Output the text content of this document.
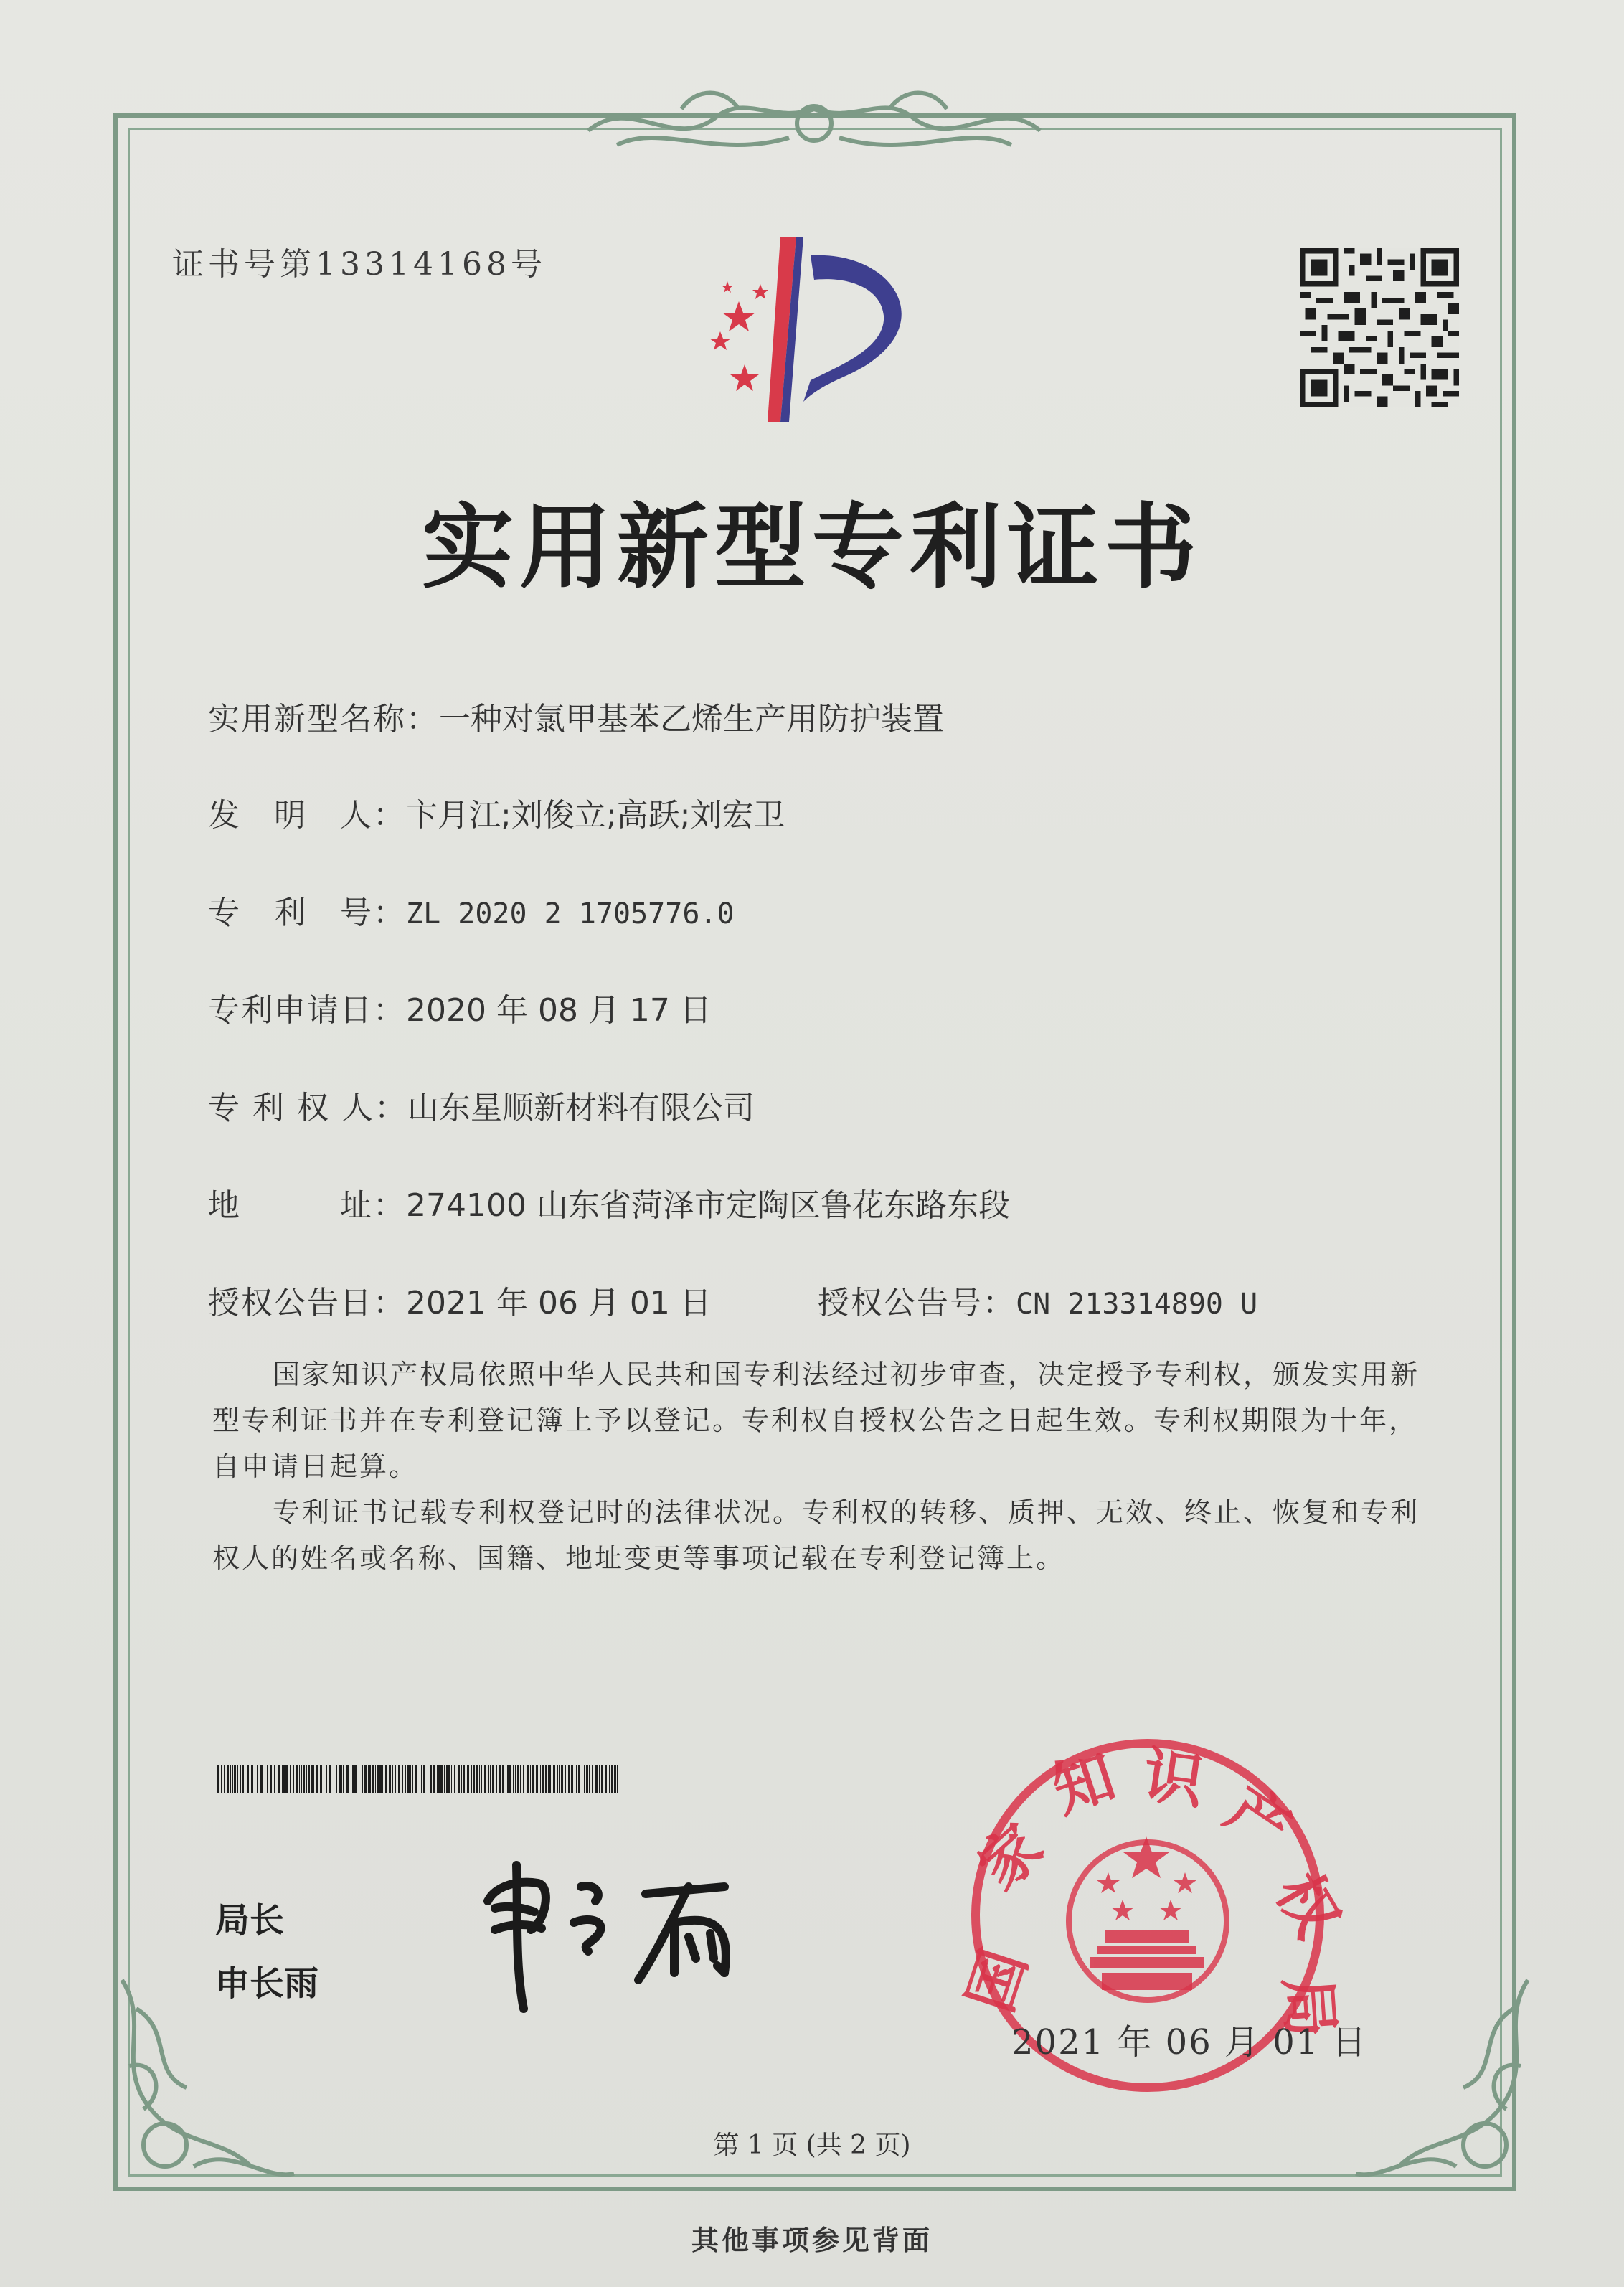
证书号第13314168号
实用新型专利证书
实用新型名称：一种对氯甲基苯乙烯生产用防护装置
发　明　人：卞月江;刘俊立;高跃;刘宏卫
专　利　号：ZL 2020 2 1705776.0
专利申请日：2020 年 08 月 17 日
专 利 权 人：山东星顺新材料有限公司
地　　　址：274100 山东省菏泽市定陶区鲁花东路东段
授权公告日：2021 年 06 月 01 日	授权公告号：CN 213314890 U
国家知识产权局依照中华人民共和国专利法经过初步审查，决定授予专利权，颁发实用新型专利证书并在专利登记簿上予以登记。专利权自授权公告之日起生效。专利权期限为十年，自申请日起算。
专利证书记载专利权登记时的法律状况。专利权的转移、质押、无效、终止、恢复和专利权人的姓名或名称、国籍、地址变更等事项记载在专利登记簿上。
局长
申长雨	国
家
知 识 产
权
局
2021 年 06 月 01 日
第 1 页 (共 2 页)
其他事项参见背面
